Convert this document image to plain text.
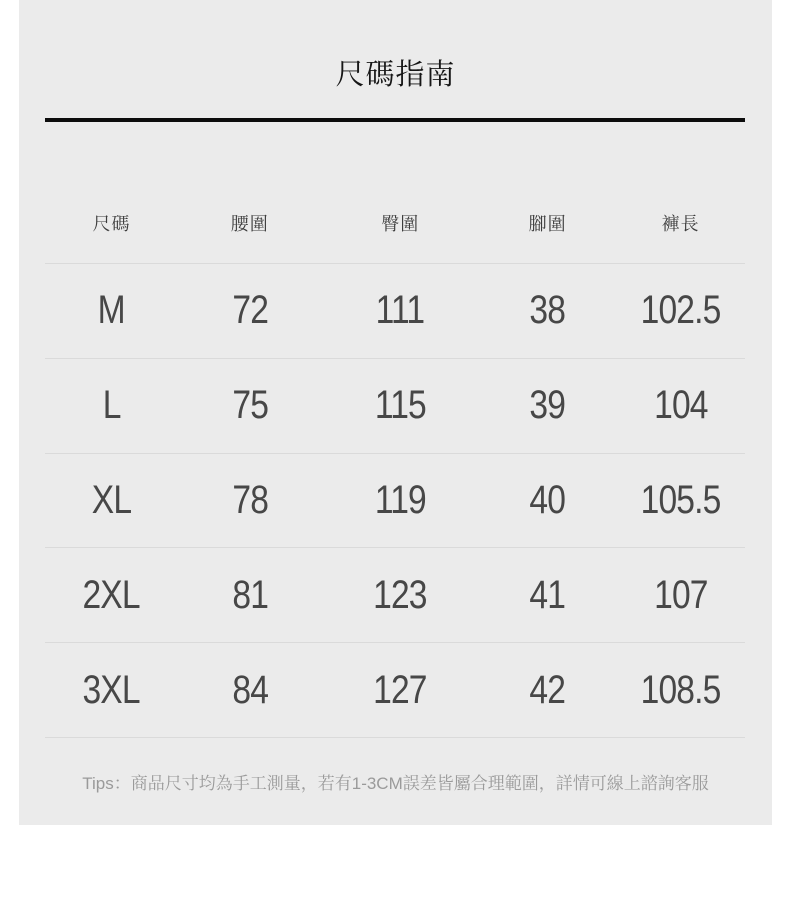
尺碼指南
尺碼	腰圍	臀圍	腳圍	褲長
M	72	111	38	102.5
L	75	115	39	104
XL	78	119	40	105.5
2XL	81	123	41	107
3XL	84	127	42	108.5
Tips：商品尺寸均為手工測量，若有1-3CM誤差皆屬合理範圍，詳情可線上諮詢客服
